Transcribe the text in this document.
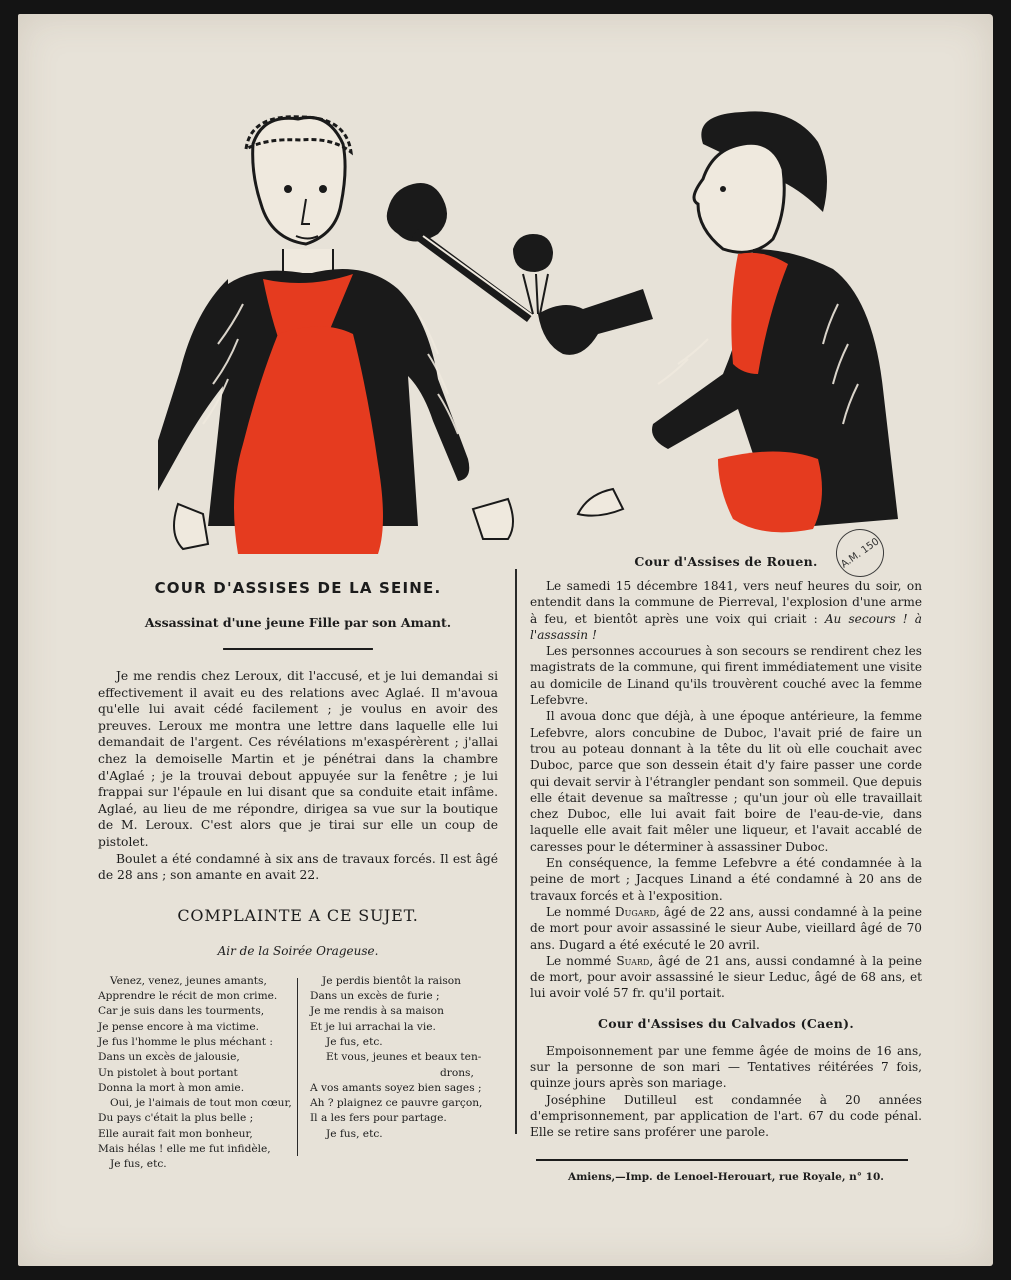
A.M. 150
COUR D'ASSISES DE LA SEINE.
Assassinat d'une jeune Fille par son Amant.

Je me rendis chez Leroux, dit l'accusé, et je lui demandai si effectivement il avait eu des relations avec Aglaé. Il m'avoua qu'elle lui avait cédé facilement ; je voulus en avoir des preuves. Leroux me montra une lettre dans laquelle elle lui demandait de l'argent. Ces révélations m'exaspérèrent ; j'allai chez la demoiselle Martin et je pénétrai dans la chambre d'Aglaé ; je la trouvai debout appuyée sur la fenêtre ; je lui frappai sur l'épaule en lui disant que sa conduite etait infâme. Aglaé, au lieu de me répondre, dirigea sa vue sur la boutique de M. Leroux. C'est alors que je tirai sur elle un coup de pistolet.

Boulet a été condamné à six ans de travaux forcés. Il est âgé de 28 ans ; son amante en avait 22.

COMPLAINTE A CE SUJET.
Air de la Soirée Orageuse.
Venez, venez, jeunes amants,
Apprendre le récit de mon crime.
Car je suis dans les tourments,
Je pense encore à ma victime.
Je fus l'homme le plus méchant :
Dans un excès de jalousie,
Un pistolet à bout portant
Donna la mort à mon amie.
Oui, je l'aimais de tout mon cœur,
Du pays c'était la plus belle ;
Elle aurait fait mon bonheur,
Mais hélas ! elle me fut infidèle,
Je fus, etc.
Je perdis bientôt la raison
Dans un excès de furie ;
Je me rendis à sa maison
Et je lui arrachai la vie.
Je fus, etc.
Et vous, jeunes et beaux ten-
drons,
A vos amants soyez bien sages ;
Ah ? plaignez ce pauvre garçon,
Il a les fers pour partage.
Je fus, etc.
Cour d'Assises de Rouen.

Le samedi 15 décembre 1841, vers neuf heures du soir, on entendit dans la commune de Pierreval, l'explosion d'une arme à feu, et bientôt après une voix qui criait : Au secours ! à l'assassin !

Les personnes accourues à son secours se rendirent chez les magistrats de la commune, qui firent immédiatement une visite au domicile de Linand qu'ils trouvèrent couché avec la femme Lefebvre.

Il avoua donc que déjà, à une époque antérieure, la femme Lefebvre, alors concubine de Duboc, l'avait prié de faire un trou au poteau donnant à la tête du lit où elle couchait avec Duboc, parce que son dessein était d'y faire passer une corde qui devait servir à l'étrangler pendant son sommeil. Que depuis elle était devenue sa maîtresse ; qu'un jour où elle travaillait chez Duboc, elle lui avait fait boire de l'eau-de-vie, dans laquelle elle avait fait mêler une liqueur, et l'avait accablé de caresses pour le déterminer à assassiner Duboc.

En conséquence, la femme Lefebvre a été condamnée à la peine de mort ; Jacques Linand a été condamné à 20 ans de travaux forcés et à l'exposition.

Le nommé Dugard, âgé de 22 ans, aussi condamné à la peine de mort pour avoir assassiné le sieur Aube, vieillard âgé de 70 ans. Dugard a été exécuté le 20 avril.

Le nommé Suard, âgé de 21 ans, aussi condamné à la peine de mort, pour avoir assassiné le sieur Leduc, âgé de 68 ans, et lui avoir volé 57 fr. qu'il portait.

Cour d'Assises du Calvados (Caen).

Empoisonnement par une femme âgée de moins de 16 ans, sur la personne de son mari — Tentatives réitérées 7 fois, quinze jours après son mariage.

Joséphine Dutilleul est condamnée à 20 années d'emprisonnement, par application de l'art. 67 du code pénal. Elle se retire sans proférer une parole.

Amiens,—Imp. de Lenoel-Herouart, rue Royale, n° 10.
